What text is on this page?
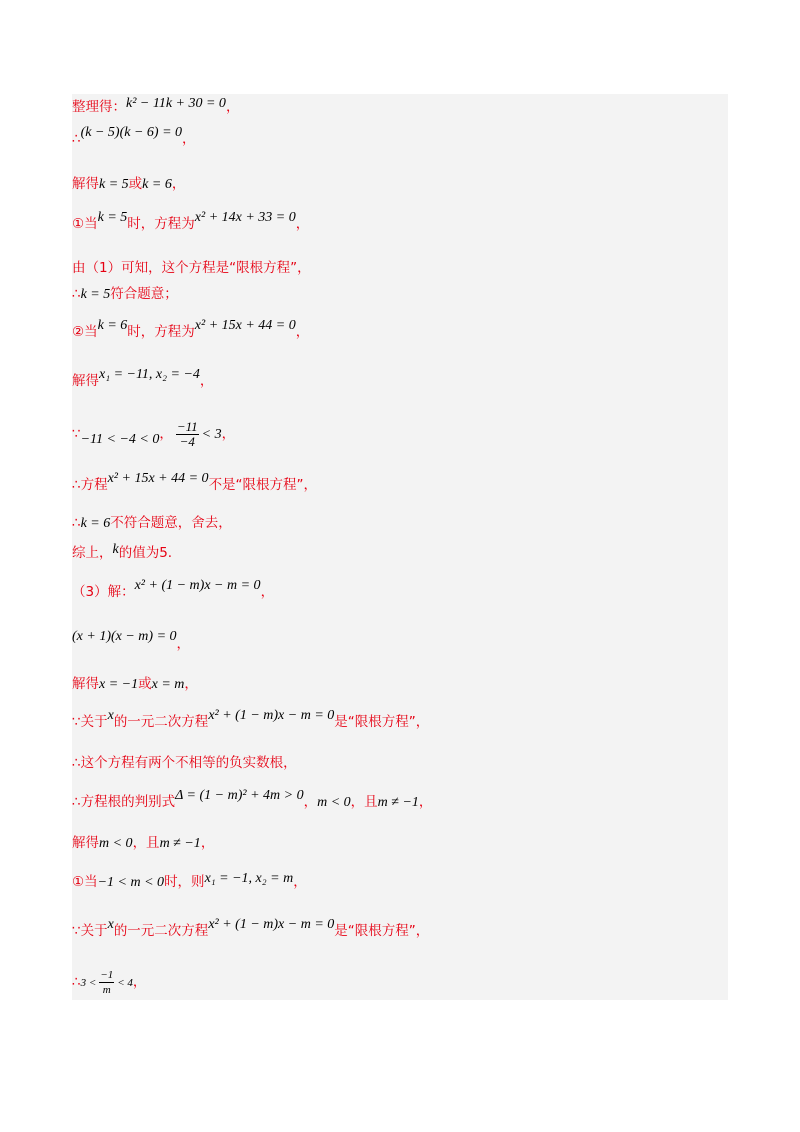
整理得：k² − 11k + 30 = 0，
∴(k − 5)(k − 6) = 0，
解得k = 5或k = 6，
①当k = 5时，方程为x² + 14x + 33 = 0，
由（1）可知，这个方程是“限根方程”，
∴k = 5符合题意；
②当k = 6时，方程为x² + 15x + 44 = 0，
解得x₁ = −11, x₂ = −4，
∵−11 < −4 < 0， $\frac{-11}{-4} < 3$，
∴方程x² + 15x + 44 = 0不是“限根方程”，
∴k = 6不符合题意，舍去，
综上，k的值为5.
（3）解：x² + (1 − m)x − m = 0，
(x + 1)(x − m) = 0，
解得x = −1或x = m，
∵关于x的一元二次方程x² + (1 − m)x − m = 0是“限根方程”，
∴这个方程有两个不相等的负实数根，
∴方程根的判别式Δ = (1 − m)² + 4m > 0，m < 0，且m ≠ −1，
解得m < 0，且m ≠ −1，
①当−1 < m < 0时，则x₁ = −1, x₂ = m，
∵关于x的一元二次方程x² + (1 − m)x − m = 0是“限根方程”，
∴3 < $\frac{-1}{m} < 4$，
